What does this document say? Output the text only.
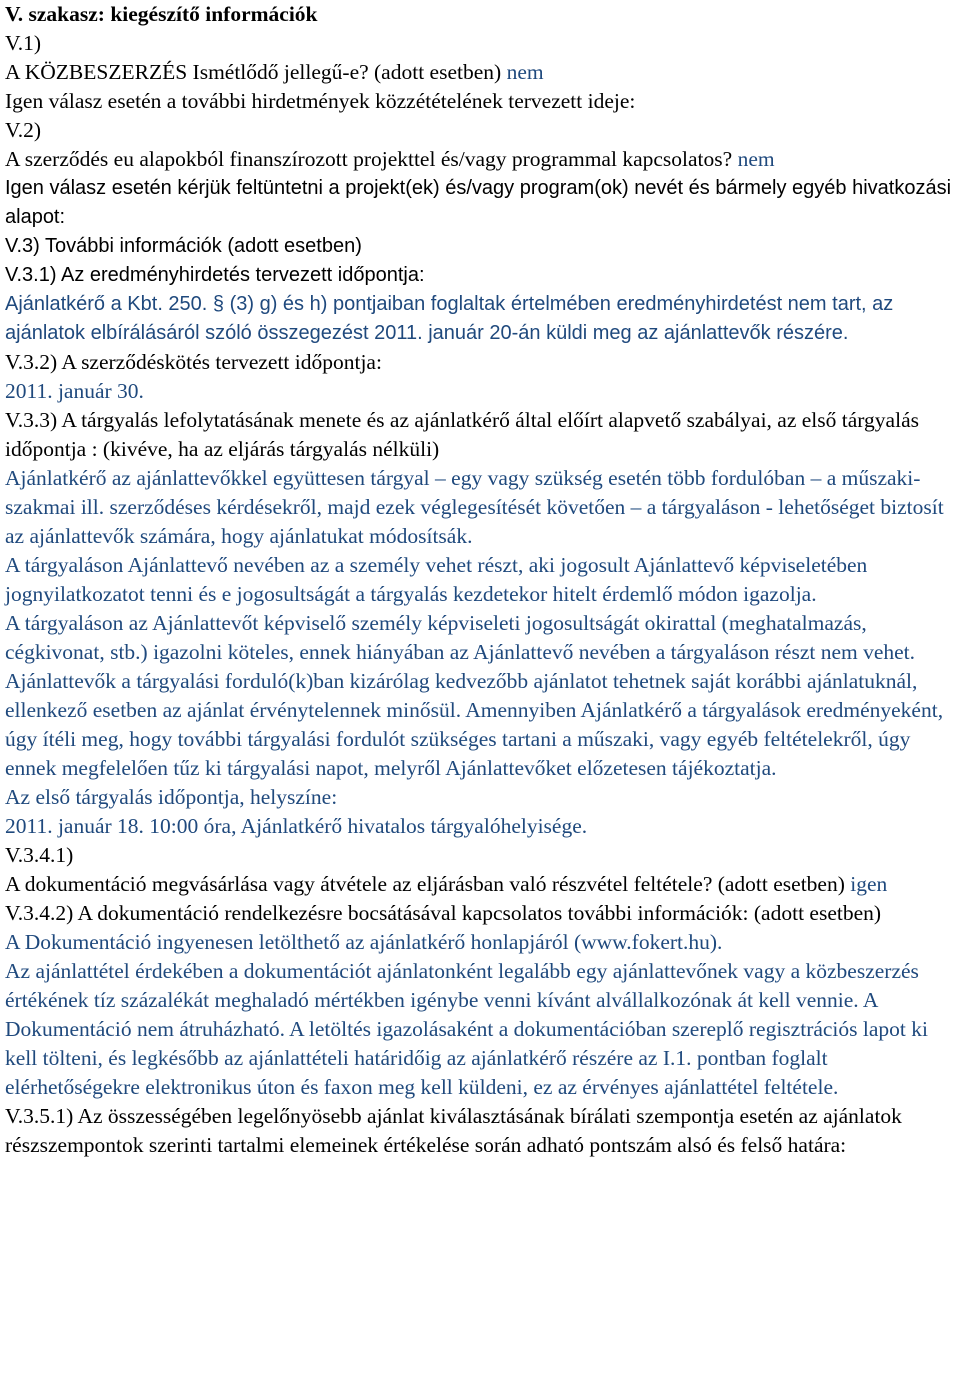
V. szakasz: kiegészítő információk

V.1)

A KÖZBESZERZÉS Ismétlődő jellegű-e? (adott esetben) nem

Igen válasz esetén a további hirdetmények közzétételének tervezett ideje:

V.2)

A szerződés eu alapokból finanszírozott projekttel és/vagy programmal kapcsolatos? nem

Igen válasz esetén kérjük feltüntetni a projekt(ek) és/vagy program(ok) nevét és bármely egyéb hivatkozási alapot:

V.3) További információk (adott esetben)

V.3.1) Az eredményhirdetés tervezett időpontja:

Ajánlatkérő a Kbt. 250. § (3) g) és h) pontjaiban foglaltak értelmében eredményhirdetést nem tart, az ajánlatok elbírálásáról szóló összegezést 2011. január 20-án küldi meg az ajánlattevők részére.

V.3.2) A szerződéskötés tervezett időpontja:

2011. január 30.

V.3.3) A tárgyalás lefolytatásának menete és az ajánlatkérő által előírt alapvető szabályai, az első tárgyalás időpontja : (kivéve, ha az eljárás tárgyalás nélküli)

Ajánlatkérő az ajánlattevőkkel együttesen tárgyal – egy vagy szükség esetén több fordulóban – a műszaki-szakmai ill. szerződéses kérdésekről, majd ezek véglegesítését követően – a tárgyaláson - lehetőséget biztosít az ajánlattevők számára, hogy ajánlatukat módosítsák.

A tárgyaláson Ajánlattevő nevében az a személy vehet részt, aki jogosult Ajánlattevő képviseletében jognyilatkozatot tenni és e jogosultságát a tárgyalás kezdetekor hitelt érdemlő módon igazolja.

A tárgyaláson az Ajánlattevőt képviselő személy képviseleti jogosultságát okirattal (meghatalmazás, cégkivonat, stb.) igazolni köteles, ennek hiányában az Ajánlattevő nevében a tárgyaláson részt nem vehet.

Ajánlattevők a tárgyalási forduló(k)ban kizárólag kedvezőbb ajánlatot tehetnek saját korábbi ajánlatuknál, ellenkező esetben az ajánlat érvénytelennek minősül. Amennyiben Ajánlatkérő a tárgyalások eredményeként, úgy ítéli meg, hogy további tárgyalási fordulót szükséges tartani a műszaki, vagy egyéb feltételekről, úgy ennek megfelelően tűz ki tárgyalási napot, melyről Ajánlattevőket előzetesen tájékoztatja.

Az első tárgyalás időpontja, helyszíne:

2011. január 18. 10:00 óra, Ajánlatkérő hivatalos tárgyalóhelyisége.

V.3.4.1)

A dokumentáció megvásárlása vagy átvétele az eljárásban való részvétel feltétele? (adott esetben) igen

V.3.4.2) A dokumentáció rendelkezésre bocsátásával kapcsolatos további információk: (adott esetben)

A Dokumentáció ingyenesen letölthető az ajánlatkérő honlapjáról (www.fokert.hu).

Az ajánlattétel érdekében a dokumentációt ajánlatonként legalább egy ajánlattevőnek vagy a közbeszerzés értékének tíz százalékát meghaladó mértékben igénybe venni kívánt alvállalkozónak át kell vennie. A Dokumentáció nem átruházható. A letöltés igazolásaként a dokumentációban szereplő regisztrációs lapot ki kell tölteni, és legkésőbb az ajánlattételi határidőig az ajánlatkérő részére az I.1. pontban foglalt elérhetőségekre elektronikus úton és faxon meg kell küldeni, ez az érvényes ajánlattétel feltétele.

V.3.5.1) Az összességében legelőnyösebb ajánlat kiválasztásának bírálati szempontja esetén az ajánlatok részszempontok szerinti tartalmi elemeinek értékelése során adható pontszám alsó és felső határa:
